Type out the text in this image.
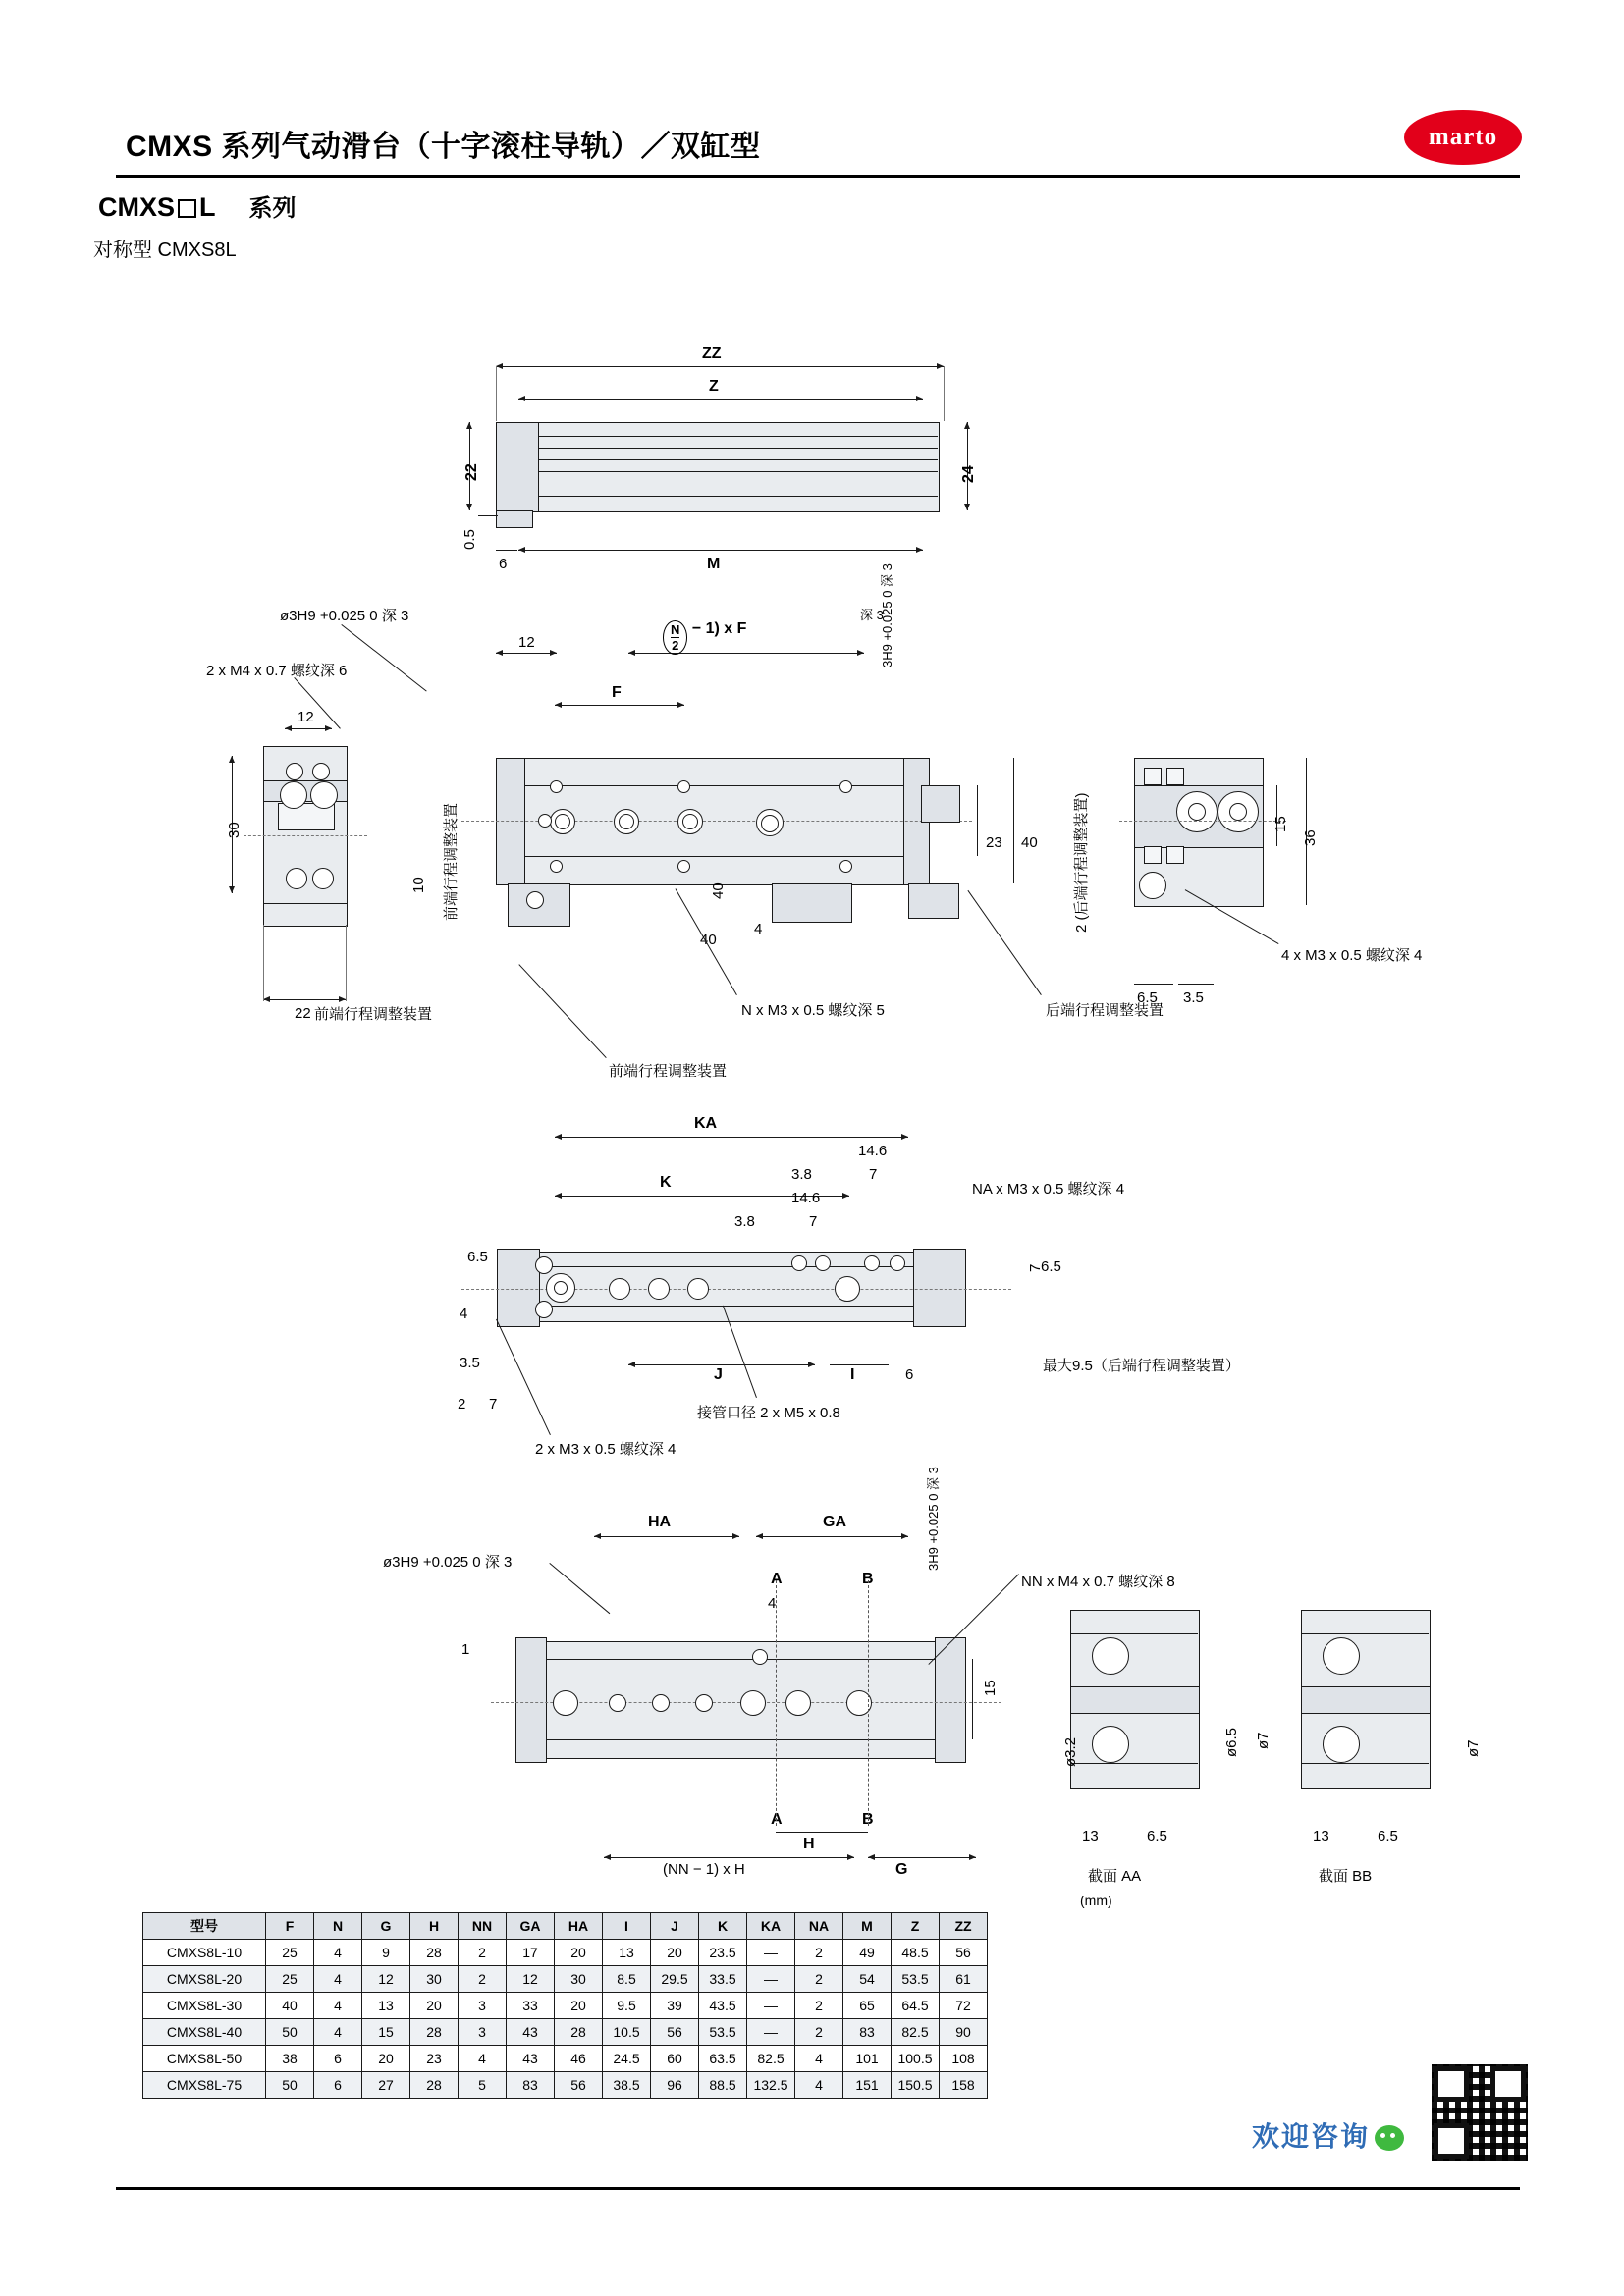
CMXS 系列气动滑台（十字滚柱导轨）／双缸型	marto
CMXS L 系列
对称型 CMXS8L
ZZ
Z
M
6
22
0.5
24
12
30
22
ø3H9 +0.025 0 深 3
2 x M4 x 0.7 螺纹深 6
前端行程调整装置
12
F
N
2
− 1) x F	3H9 +0.025 0 深 3
深 3
40
40
4
10 前端行程调整装置	2 (后端行程调整装置)
23 40
N x M3 x 0.5 螺纹深 5
前端行程调整装置
后端行程调整装置
36
15
6.5 3.5
4 x M3 x 0.5 螺纹深 4
KA
K
14.6
3.8	7
14.6
3.8	7
6.5
4
3.5
2 7
7
6.5
J	I	6
NA x M3 x 0.5 螺纹深 4
2 x M3 x 0.5 螺纹深 4
接管口径 2 x M5 x 0.8
最大9.5（后端行程调整装置）
HA	GA
A	B
A	B
4
1
15
H
G
(NN − 1) x H
ø3H9 +0.025 0 深 3	3H9 +0.025 0 深 3
NN x M4 x 0.7 螺纹深 8
ø3.2	ø6.5 ø7
13	6.5
截面 AA
ø7
13	6.5
截面 BB
(mm)
型号	F	N	G	H	NN	GA	HA	I	J	K	KA	NA	M	Z	ZZ
CMXS8L-10	25	4	9	28	2	17	20	13	20	23.5	—	2	49	48.5	56
CMXS8L-20	25	4	12	30	2	12	30	8.5	29.5	33.5	—	2	54	53.5	61
CMXS8L-30	40	4	13	20	3	33	20	9.5	39	43.5	—	2	65	64.5	72
CMXS8L-40	50	4	15	28	3	43	28	10.5	56	53.5	—	2	83	82.5	90
CMXS8L-50	38	6	20	23	4	43	46	24.5	60	63.5	82.5	4	101	100.5	108
CMXS8L-75	50	6	27	28	5	83	56	38.5	96	88.5	132.5	4	151	150.5	158
欢迎咨询
